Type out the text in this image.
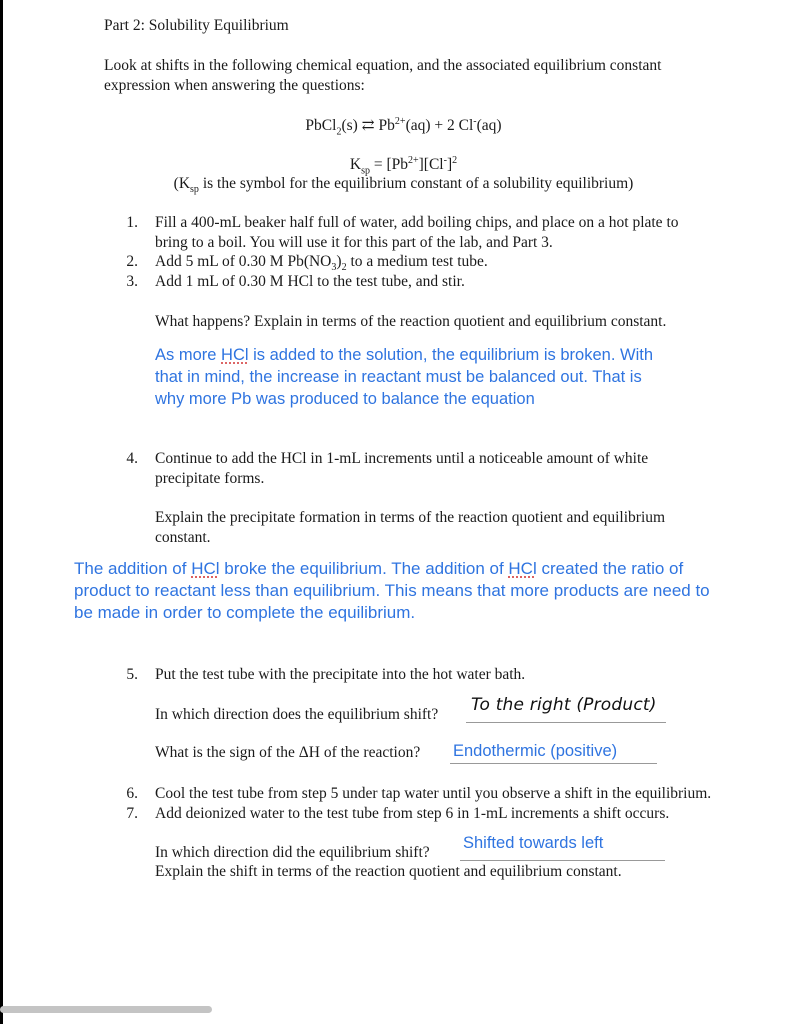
Part 2: Solubility Equilibrium
Look at shifts in the following chemical equation, and the associated equilibrium constant
expression when answering the questions:
PbCl$_2$(s) ⇄ $Pb^{2+}(aq) + 2$ Cl-(aq)
$K_{sp} = [Pb^{2+}][Cl^-]^2$
($K_{sp}$ is the symbol for the equilibrium constant of a solubility equilibrium)
1. Fill a 400-mL beaker half full of water, add boiling chips, and place on a hot plate to
bring to a boil. You will use it for this part of the lab, and Part 3.
2. Add 5 mL of 0.30 M $Pb(NO_3)_2$ to a medium test tube.
3. Add 1 mL of 0.30 M HCl to the test tube, and stir.
What happens? Explain in terms of the reaction quotient and equilibrium constant.
As more HCl is added to the solution, the equilibrium is broken. With
that in mind, the increase in reactant must be balanced out. That is
why more Pb was produced to balance the equation
4. Continue to add the HCl in 1-mL increments until a noticeable amount of white
precipitate forms.
Explain the precipitate formation in terms of the reaction quotient and equilibrium
constant.
The addition of HCl broke the equilibrium. The addition of HCl created the ratio of
product to reactant less than equilibrium. This means that more products are need to
be made in order to complete the equilibrium.
5. Put the test tube with the precipitate into the hot water bath.
In which direction does the equilibrium shift? To the right (Product)
What is the sign of the ΔH of the reaction? Endothermic (positive)
6. Cool the test tube from step 5 under tap water until you observe a shift in the equilibrium.
7. Add deionized water to the test tube from step 6 in 1-mL increments a shift occurs.
In which direction did the equilibrium shift?
Shifted towards left
Explain the shift in terms of the reaction quotient and equilibrium constant.
